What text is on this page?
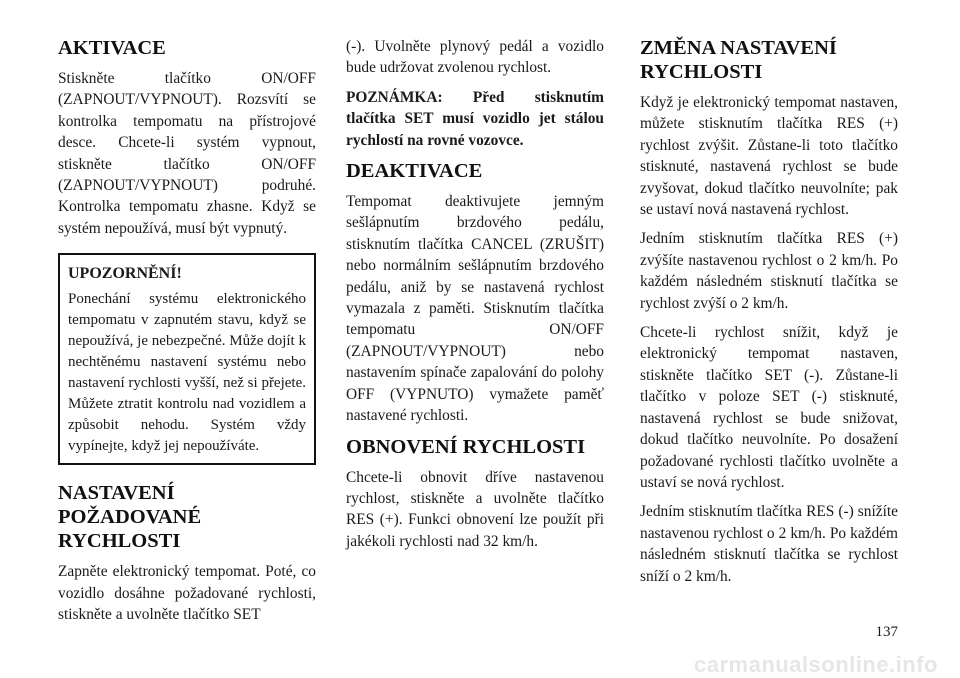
AKTIVACE
Stiskněte tlačítko ON/OFF (ZAPNOUT/VYPNOUT). Rozsvítí se kontrolka tempomatu na přístrojové desce. Chcete-li systém vypnout, stiskněte tlačítko ON/OFF (ZAPNOUT/VYPNOUT) podruhé. Kontrolka tempomatu zhasne. Když se systém nepoužívá, musí být vypnutý.
UPOZORNĚNÍ!
Ponechání systému elektronického tempomatu v zapnutém stavu, když se nepoužívá, je nebezpečné. Může dojít k nechtěnému nastavení systému nebo nastavení rychlosti vyšší, než si přejete. Můžete ztratit kontrolu nad vozidlem a způsobit nehodu. Systém vždy vypínejte, když jej nepoužíváte.
NASTAVENÍ POŽADOVANÉ RYCHLOSTI
Zapněte elektronický tempomat. Poté, co vozidlo dosáhne požadované rychlosti, stiskněte a uvolněte tlačítko SET
(-). Uvolněte plynový pedál a vozidlo bude udržovat zvolenou rychlost.
POZNÁMKA: Před stisknutím tlačítka SET musí vozidlo jet stálou rychlostí na rovné vozovce.
DEAKTIVACE
Tempomat deaktivujete jemným sešlápnutím brzdového pedálu, stisknutím tlačítka CANCEL (ZRUŠIT) nebo normálním sešlápnutím brzdového pedálu, aniž by se nastavená rychlost vymazala z paměti. Stisknutím tlačítka tempomatu ON/OFF (ZAPNOUT/VYPNOUT) nebo nastavením spínače zapalování do polohy OFF (VYPNUTO) vymažete paměť nastavené rychlosti.
OBNOVENÍ RYCHLOSTI
Chcete-li obnovit dříve nastavenou rychlost, stiskněte a uvolněte tlačítko RES (+). Funkci obnovení lze použít při jakékoli rychlosti nad 32 km/h.
ZMĚNA NASTAVENÍ RYCHLOSTI
Když je elektronický tempomat nastaven, můžete stisknutím tlačítka RES (+) rychlost zvýšit. Zůstane-li toto tlačítko stisknuté, nastavená rychlost se bude zvyšovat, dokud tlačítko neuvolníte; pak se ustaví nová nastavená rychlost.
Jedním stisknutím tlačítka RES (+) zvýšíte nastavenou rychlost o 2 km/h. Po každém následném stisknutí tlačítka se rychlost zvýší o 2 km/h.
Chcete-li rychlost snížit, když je elektronický tempomat nastaven, stiskněte tlačítko SET (-). Zůstane-li tlačítko v poloze SET (-) stisknuté, nastavená rychlost se bude snižovat, dokud tlačítko neuvolníte. Po dosažení požadované rychlosti tlačítko uvolněte a ustaví se nová rychlost.
Jedním stisknutím tlačítka RES (-) snížíte nastavenou rychlost o 2 km/h. Po každém následném stisknutí tlačítka se rychlost sníží o 2 km/h.
137
carmanualsonline.info
